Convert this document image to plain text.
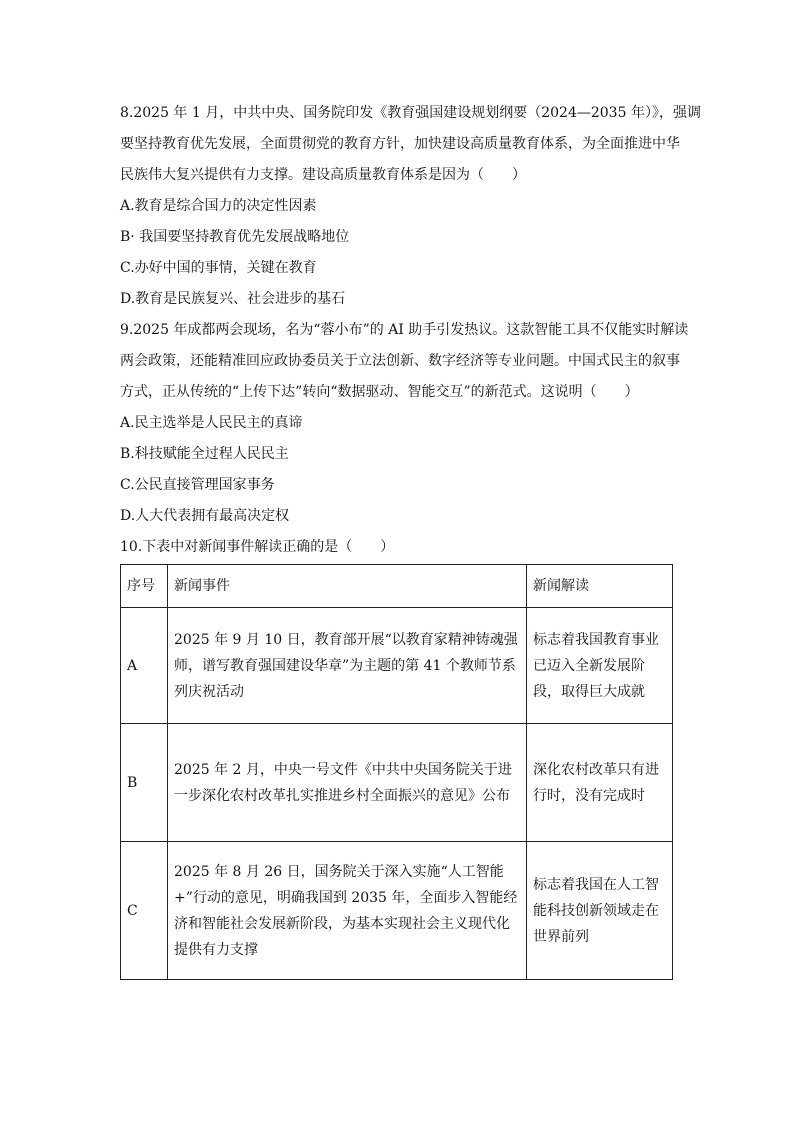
8.2025 年 1 月，中共中央、国务院印发《教育强国建设规划纲要（2024—2035 年）》，强调
要坚持教育优先发展，全面贯彻党的教育方针，加快建设高质量教育体系，为全面推进中华
民族伟大复兴提供有力支撑。建设高质量教育体系是因为（　　）
A.教育是综合国力的决定性因素
B· 我国要坚持教育优先发展战略地位
C.办好中国的事情，关键在教育
D.教育是民族复兴、社会进步的基石
9.2025 年成都两会现场，名为“蓉小布”的 AI 助手引发热议。这款智能工具不仅能实时解读
两会政策，还能精准回应政协委员关于立法创新、数字经济等专业问题。中国式民主的叙事
方式，正从传统的“上传下达”转向“数据驱动、智能交互”的新范式。这说明（　　）
A.民主选举是人民民主的真谛
B.科技赋能全过程人民民主
C.公民直接管理国家事务
D.人大代表拥有最高决定权
10.下表中对新闻事件解读正确的是（　　）
序号	新闻事件	新闻解读
A	2025 年 9 月 10 日，教育部开展“以教育家精神铸魂强师，谱写教育强国建设华章”为主题的第 41 个教师节系列庆祝活动	标志着我国教育事业已迈入全新发展阶段，取得巨大成就

B	2025 年 2 月，中央一号文件《中共中央国务院关于进一步深化农村改革扎实推进乡村全面振兴的意见》公布	深化农村改革只有进行时，没有完成时

C	2025 年 8 月 26 日，国务院关于深入实施“人工智能+”行动的意见，明确我国到 2035 年，全面步入智能经济和智能社会发展新阶段，为基本实现社会主义现代化提供有力支撑	标志着我国在人工智能科技创新领域走在世界前列
